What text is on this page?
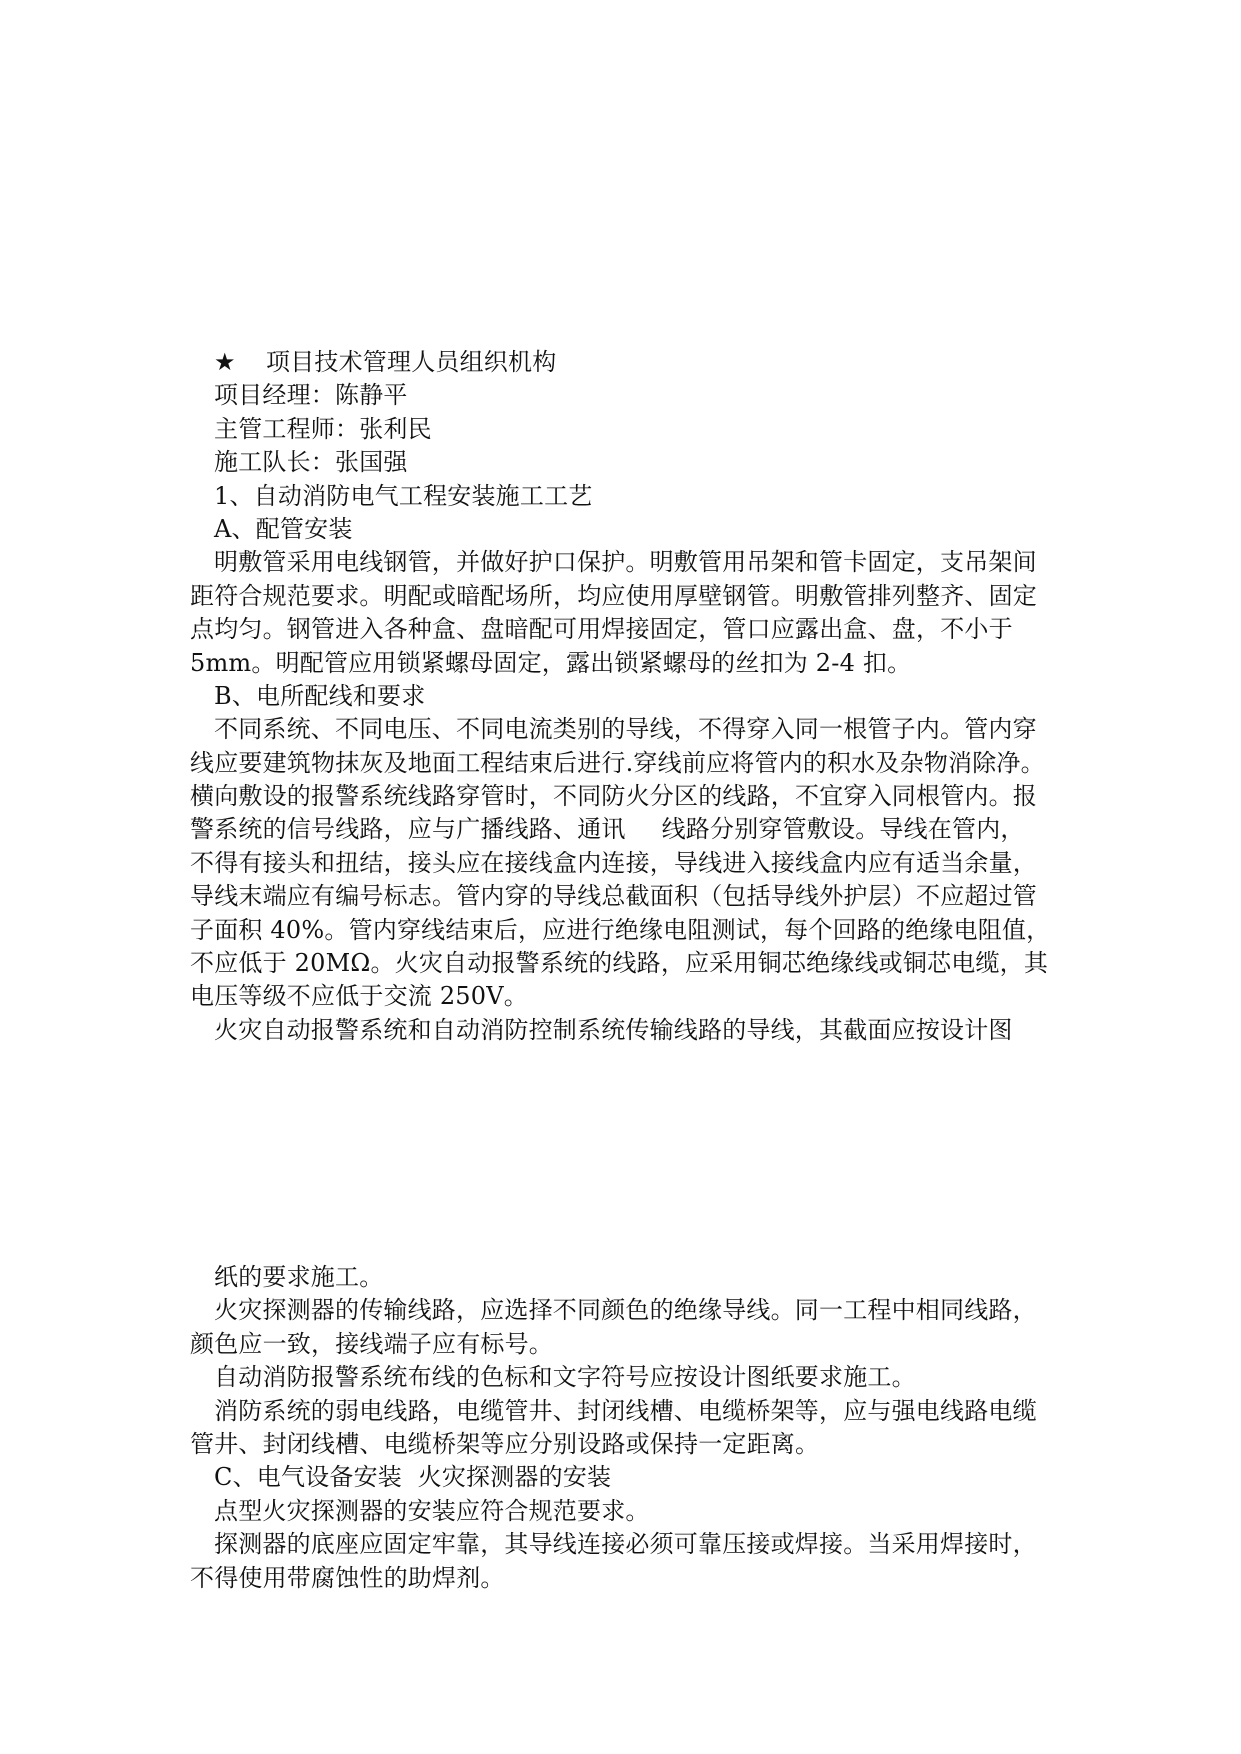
★ 项目技术管理人员组织机构
项目经理：陈静平
主管工程师：张利民
施工队长：张国强
1、自动消防电气工程安装施工工艺
A、配管安装
明敷管采用电线钢管，并做好护口保护。明敷管用吊架和管卡固定，支吊架间
距符合规范要求。明配或暗配场所，均应使用厚壁钢管。明敷管排列整齐、固定
点均匀。钢管进入各种盒、盘暗配可用焊接固定，管口应露出盒、盘，不小于
5mm。明配管应用锁紧螺母固定，露出锁紧螺母的丝扣为 2-4 扣。
B、电所配线和要求
不同系统、不同电压、不同电流类别的导线，不得穿入同一根管子内。管内穿
线应要建筑物抹灰及地面工程结束后进行.穿线前应将管内的积水及杂物消除净。
横向敷设的报警系统线路穿管时，不同防火分区的线路，不宜穿入同根管内。报
警系统的信号线路，应与广播线路、通讯 线路分别穿管敷设。导线在管内，
不得有接头和扭结，接头应在接线盒内连接，导线进入接线盒内应有适当余量，
导线末端应有编号标志。管内穿的导线总截面积（包括导线外护层）不应超过管
子面积 40%。管内穿线结束后，应进行绝缘电阻测试，每个回路的绝缘电阻值，
不应低于 20MΩ。火灾自动报警系统的线路，应采用铜芯绝缘线或铜芯电缆，其
电压等级不应低于交流 250V。
火灾自动报警系统和自动消防控制系统传输线路的导线，其截面应按设计图
纸的要求施工。
火灾探测器的传输线路，应选择不同颜色的绝缘导线。同一工程中相同线路，
颜色应一致，接线端子应有标号。
自动消防报警系统布线的色标和文字符号应按设计图纸要求施工。
消防系统的弱电线路，电缆管井、封闭线槽、电缆桥架等，应与强电线路电缆
管井、封闭线槽、电缆桥架等应分别设路或保持一定距离。
C、电气设备安装  火灾探测器的安装
点型火灾探测器的安装应符合规范要求。
探测器的底座应固定牢靠，其导线连接必须可靠压接或焊接。当采用焊接时，
不得使用带腐蚀性的助焊剂。
